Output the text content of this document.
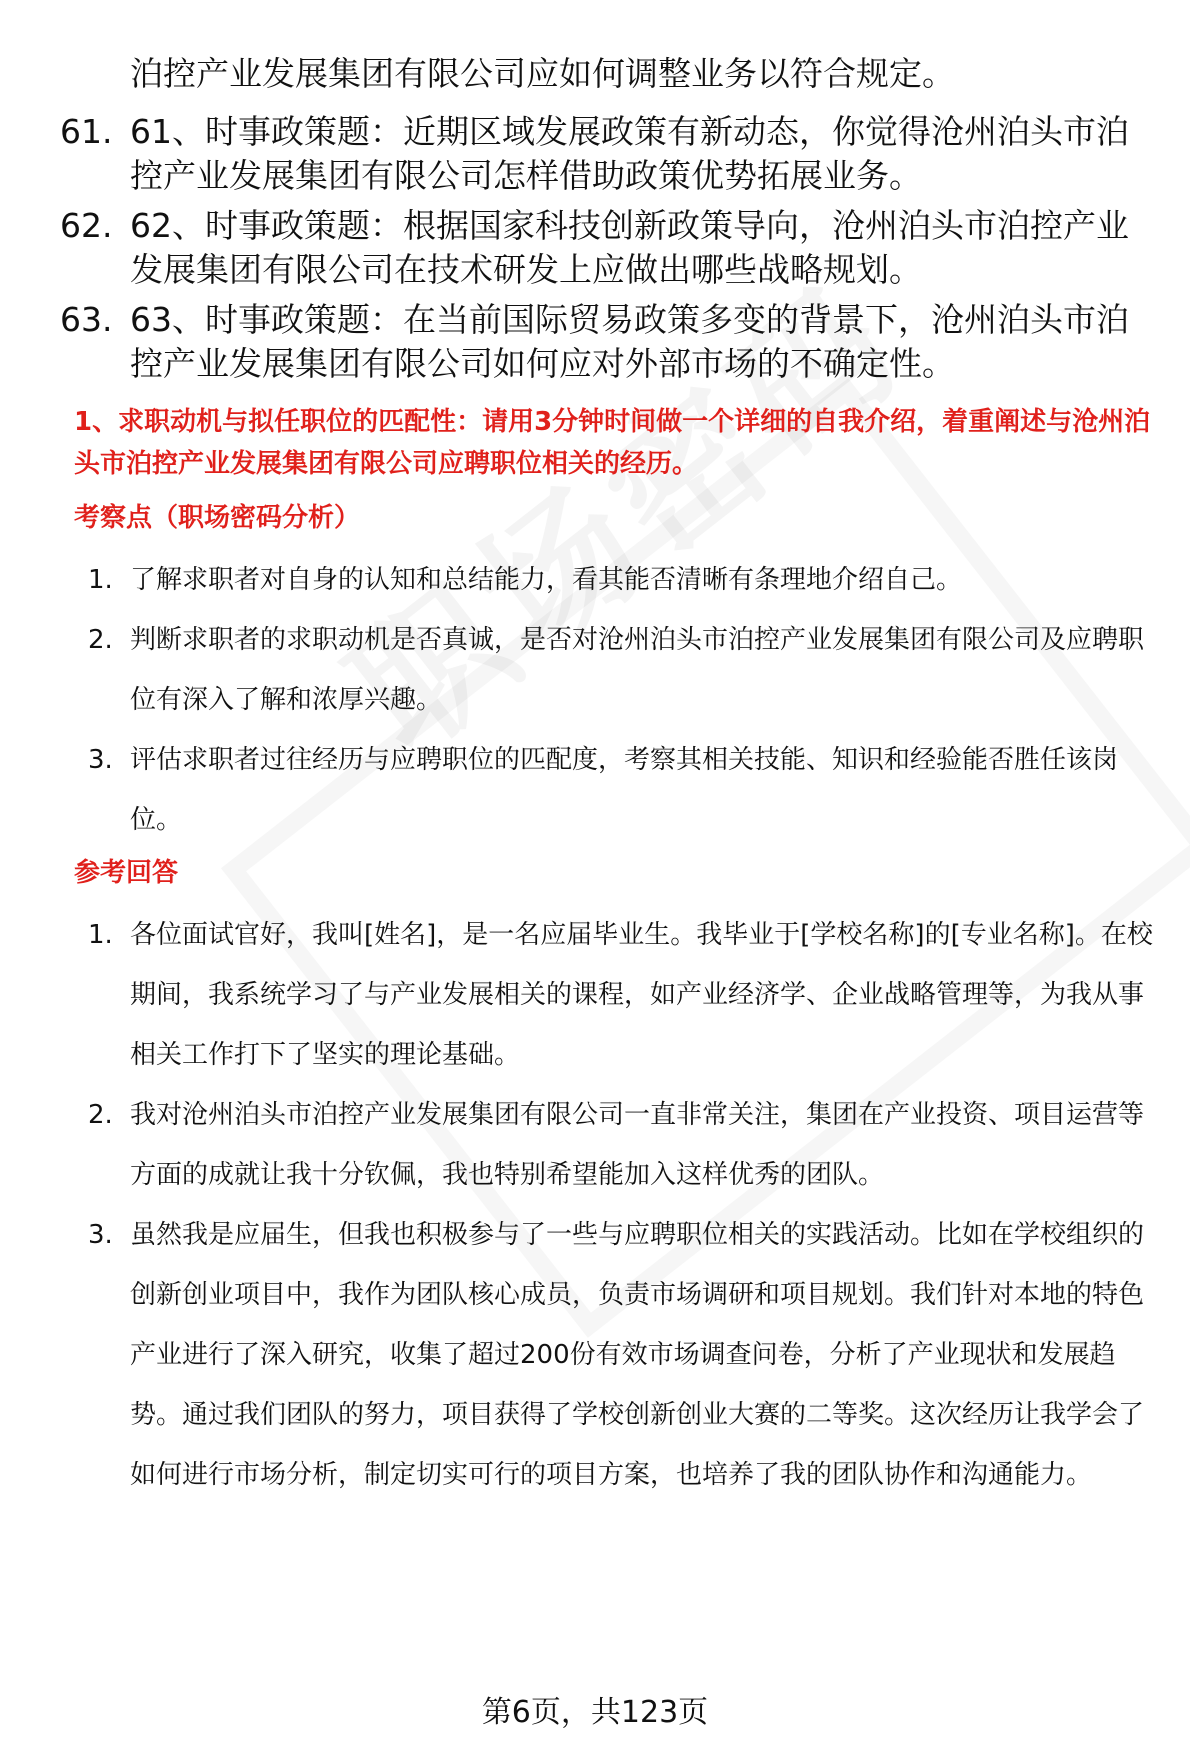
泊控产业发展集团有限公司应如何调整业务以符合规定。
61. 61、时事政策题：近期区域发展政策有新动态，你觉得沧州泊头市泊控产业发展集团有限公司怎样借助政策优势拓展业务。
62. 62、时事政策题：根据国家科技创新政策导向，沧州泊头市泊控产业发展集团有限公司在技术研发上应做出哪些战略规划。
63. 63、时事政策题：在当前国际贸易政策多变的背景下，沧州泊头市泊控产业发展集团有限公司如何应对外部市场的不确定性。
1、求职动机与拟任职位的匹配性：请用3分钟时间做一个详细的自我介绍，着重阐述与沧州泊头市泊控产业发展集团有限公司应聘职位相关的经历。
考察点（职场密码分析）
1. 了解求职者对自身的认知和总结能力，看其能否清晰有条理地介绍自己。
2. 判断求职者的求职动机是否真诚，是否对沧州泊头市泊控产业发展集团有限公司及应聘职位有深入了解和浓厚兴趣。
3. 评估求职者过往经历与应聘职位的匹配度，考察其相关技能、知识和经验能否胜任该岗位。
参考回答
1. 各位面试官好，我叫[姓名]，是一名应届毕业生。我毕业于[学校名称]的[专业名称]。在校期间，我系统学习了与产业发展相关的课程，如产业经济学、企业战略管理等，为我从事相关工作打下了坚实的理论基础。
2. 我对沧州泊头市泊控产业发展集团有限公司一直非常关注，集团在产业投资、项目运营等方面的成就让我十分钦佩，我也特别希望能加入这样优秀的团队。
3. 虽然我是应届生，但我也积极参与了一些与应聘职位相关的实践活动。比如在学校组织的创新创业项目中，我作为团队核心成员，负责市场调研和项目规划。我们针对本地的特色产业进行了深入研究，收集了超过200份有效市场调查问卷，分析了产业现状和发展趋势。通过我们团队的努力，项目获得了学校创新创业大赛的二等奖。这次经历让我学会了如何进行市场分析，制定切实可行的项目方案，也培养了我的团队协作和沟通能力。
第6页，共123页
